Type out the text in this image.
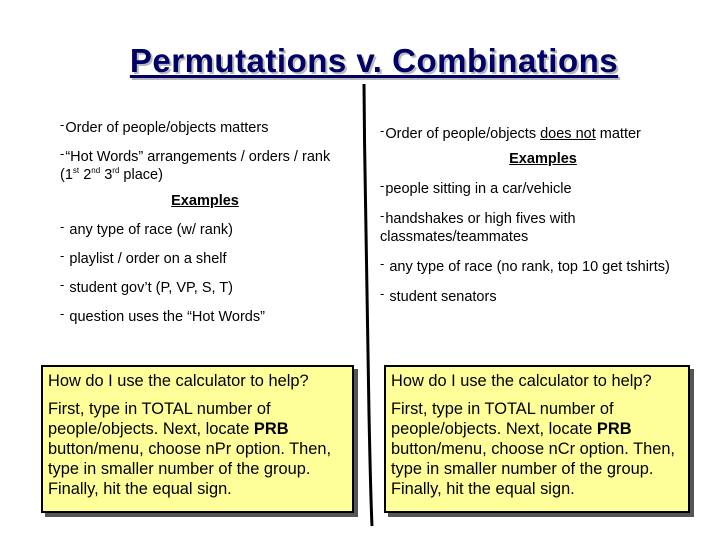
Permutations v. Combinations
-Order of people/objects matters
-“Hot Words” arrangements / orders / rank (1st 2nd 3rd place)
Examples
- any type of race (w/ rank)
- playlist / order on a shelf
- student gov’t (P, VP, S, T)
- question uses the “Hot Words”
-Order of people/objects does not matter
Examples
-people sitting in a car/vehicle
-handshakes or high fives with classmates/teammates
- any type of race (no rank, top 10 get tshirts)
- student senators

How do I use the calculator to help?

First, type in TOTAL number of people/objects. Next, locate PRB button/menu, choose nPr option. Then, type in smaller number of the group. Finally, hit the equal sign.

How do I use the calculator to help?

First, type in TOTAL number of people/objects. Next, locate PRB button/menu, choose nCr option. Then, type in smaller number of the group. Finally, hit the equal sign.
